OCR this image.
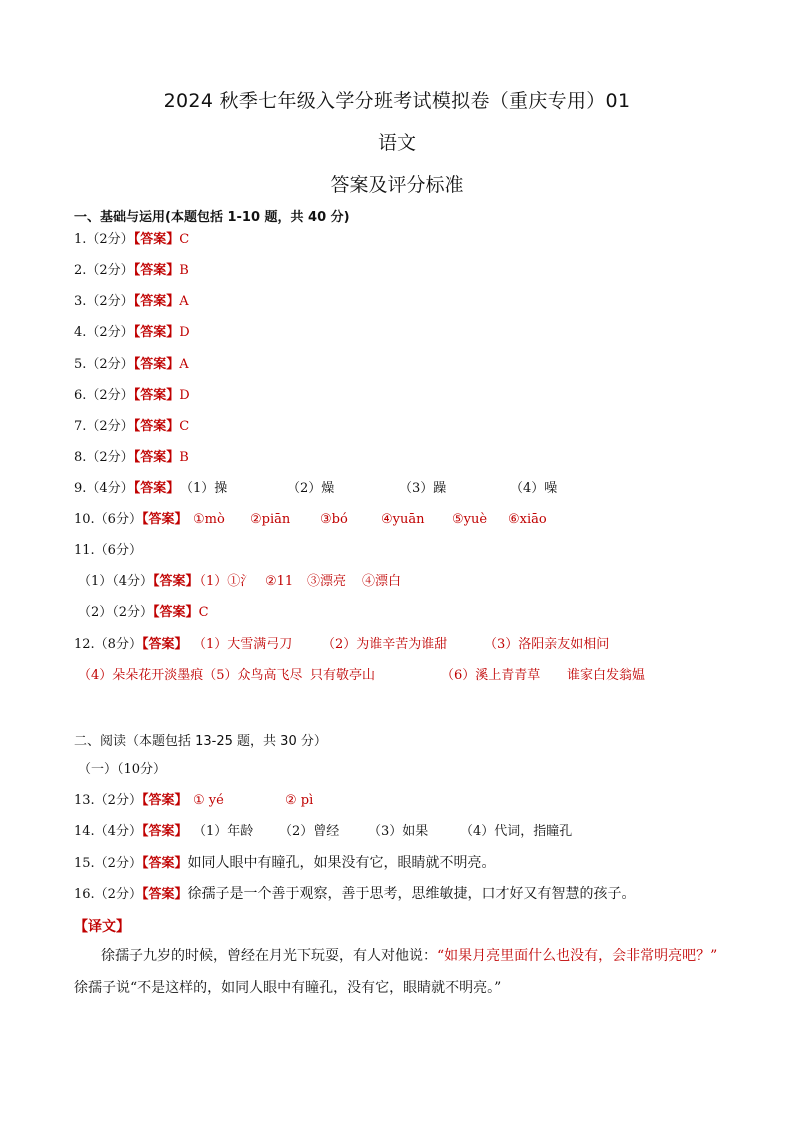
2024 秋季七年级入学分班考试模拟卷（重庆专用）01
语文
答案及评分标准
一、基础与运用(本题包括 1-10 题，共 40 分)
1.（2分）【答案】C
2.（2分）【答案】B
3.（2分）【答案】A
4.（2分）【答案】D
5.（2分）【答案】A
6.（2分）【答案】D
7.（2分）【答案】C
8.（2分）【答案】B
9.（4分）【答案】 （1）操	（2）燥	（3）躁	（4）噪
10.（6分）【答案】 ①mò ②piān ③bó	④yuān ⑤yuè ⑥xiāo
11.（6分）
（1）（4分）【答案】
（1）①氵 ②11 ③漂亮 ④漂白
（2）（2分）【答案】C
12.（8分）【答案】 （1）大雪满弓刀 （2）为谁辛苦为谁甜	（3）洛阳亲友如相问
（4）朵朵花开淡墨痕（5）众鸟高飞尽 只有敬亭山	（6）溪上青青草 谁家白发翁媪
二、阅读（本题包括 13-25 题，共 30 分）
（一）（10分）
13.（2分）【答案】 ① yé	② pì
14.（4分）【答案】 （1）年龄 （2）曾经 （3）如果 （4）代词，指瞳孔
15.（2分）【答案】如同人眼中有瞳孔，如果没有它，眼睛就不明亮。
16.（2分）【答案】徐孺子是一个善于观察，善于思考，思维敏捷，口才好又有智慧的孩子。
【译文】
徐孺子九岁的时候，曾经在月光下玩耍，有人对他说：“如果月亮里面什么也没有，会非常明亮吧？”
徐孺子说“不是这样的，如同人眼中有瞳孔，没有它，眼睛就不明亮。”
